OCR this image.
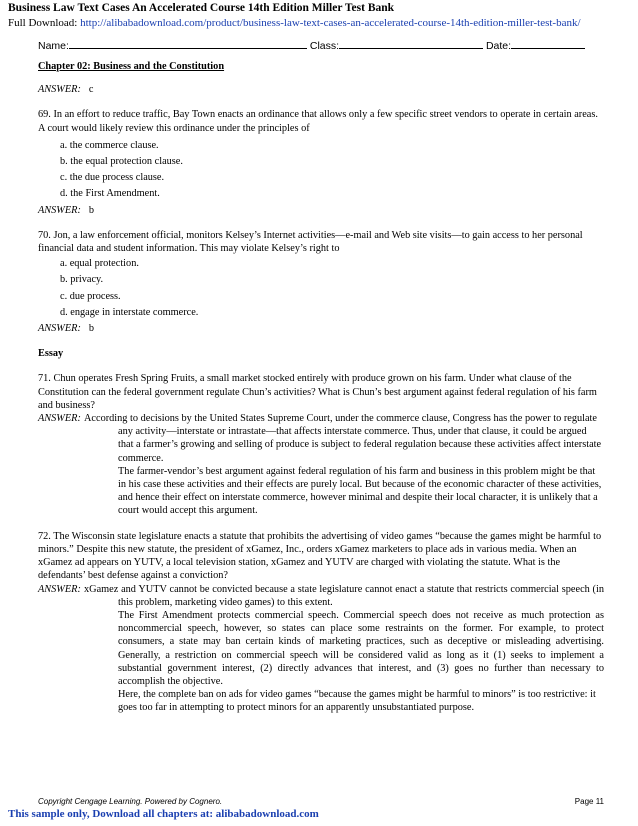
Business Law Text Cases An Accelerated Course 14th Edition Miller Test Bank
Full Download: http://alibabadownload.com/product/business-law-text-cases-an-accelerated-course-14th-edition-miller-test-bank/
Name:	Class:	Date:
Chapter 02: Business and the Constitution

ANSWER: c

69. In an effort to reduce traffic, Bay Town enacts an ordinance that allows only a few specific street vendors to operate in certain areas. A court would likely review this ordinance under the principles of

a. the commerce clause.

b. the equal protection clause.

c. the due process clause.

d. the First Amendment.

ANSWER: b

70. Jon, a law enforcement official, monitors Kelsey’s Internet activities—e-mail and Web site visits—to gain access to her personal financial data and student information. This may violate Kelsey’s right to

a. equal protection.

b. privacy.

c. due process.

d. engage in interstate commerce.

ANSWER: b

Essay

71. Chun operates Fresh Spring Fruits, a small market stocked entirely with produce grown on his farm. Under what clause of the Constitution can the federal government regulate Chun’s activities? What is Chun’s best argument against federal regulation of his farm and business?

ANSWER: According to decisions by the United States Supreme Court, under the commerce clause, Congress has the power to regulate any activity—interstate or intrastate—that affects interstate commerce. Thus, under that clause, it could be argued that a farmer’s growing and selling of produce is subject to federal regulation because these activities affect interstate commerce.

The farmer-vendor’s best argument against federal regulation of his farm and business in this problem might be that in his case these activities and their effects are purely local. But because of the economic character of these activities, and hence their effect on interstate commerce, however minimal and despite their local character, it is unlikely that a court would accept this argument.

72. The Wisconsin state legislature enacts a statute that prohibits the advertising of video games “because the games might be harmful to minors.” Despite this new statute, the president of xGamez, Inc., orders xGamez marketers to place ads in various media. When an xGamez ad appears on YUTV, a local television station, xGamez and YUTV are charged with violating the statute. What is the defendants’ best defense against a conviction?

ANSWER: xGamez and YUTV cannot be convicted because a state legislature cannot enact a statute that restricts commercial speech (in this problem, marketing video games) to this extent.

The First Amendment protects commercial speech. Commercial speech does not receive as much protection as noncommercial speech, however, so states can place some restraints on the former. For example, to protect consumers, a state may ban certain kinds of marketing practices, such as deceptive or misleading advertising. Generally, a restriction on commercial speech will be considered valid as long as it (1) seeks to implement a substantial government interest, (2) directly advances that interest, and (3) goes no further than necessary to accomplish the objective.

Here, the complete ban on ads for video games “because the games might be harmful to minors” is too restrictive: it goes too far in attempting to protect minors for an apparently unsubstantiated purpose.

Copyright Cengage Learning. Powered by Cognero.	Page 11
This sample only, Download all chapters at: alibabadownload.com
